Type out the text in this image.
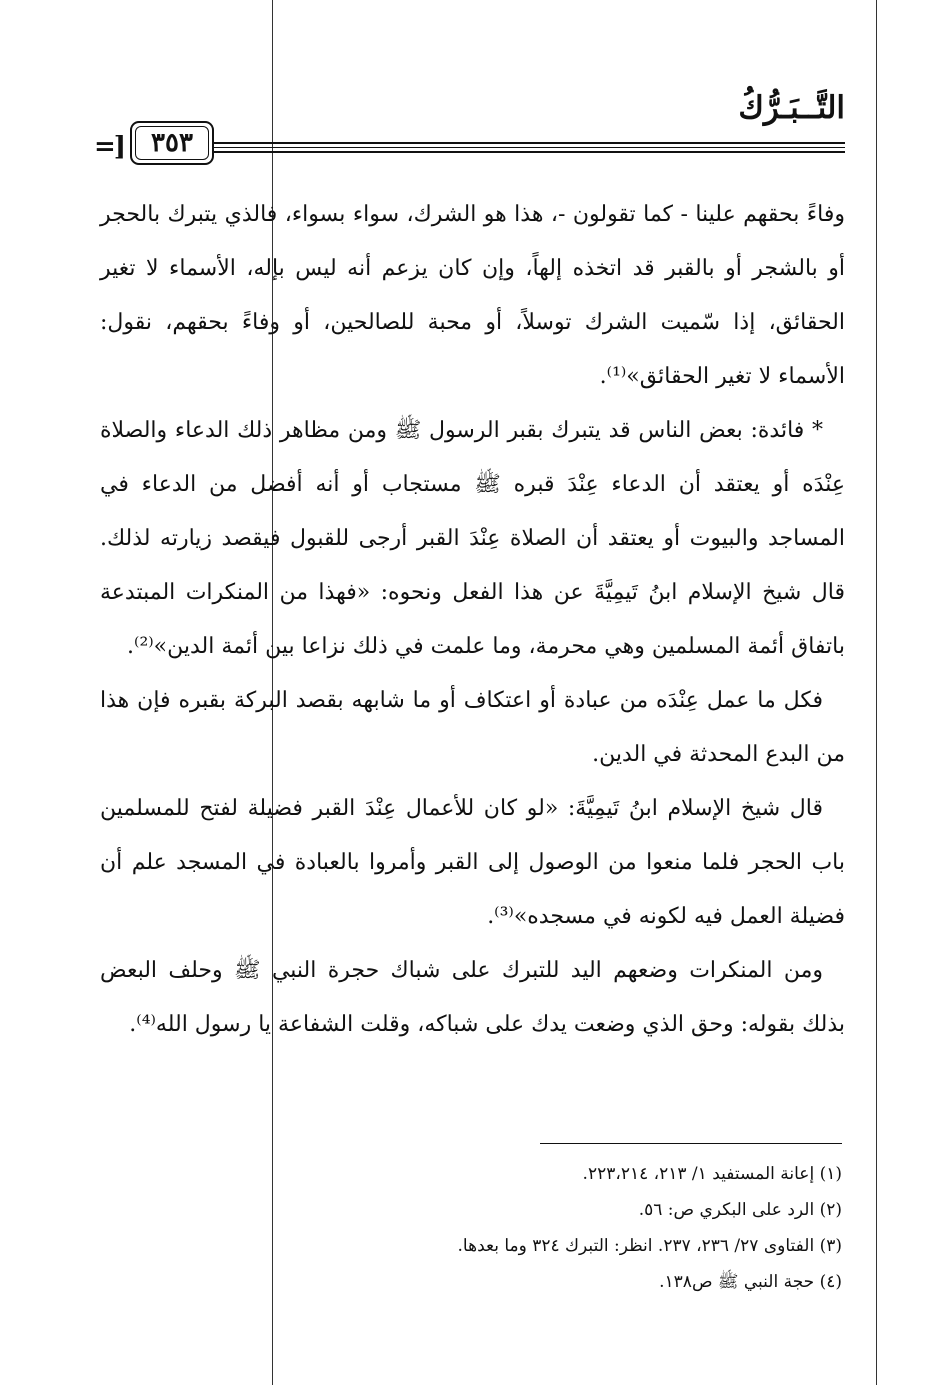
التَّــبَـرُّكُ
=]	٣٥٣

وفاءً بحقهم علينا - كما تقولون -، هذا هو الشرك، سواء بسواء، فالذي يتبرك بالحجر أو بالشجر أو بالقبر قد اتخذه إلهاً، وإن كان يزعم أنه ليس بإله، الأسماء لا تغير الحقائق، إذا سّميت الشرك توسلاً، أو محبة للصالحين، أو وفاءً بحقهم، نقول: الأسماء لا تغير الحقائق»⁽¹⁾.

* فائدة: بعض الناس قد يتبرك بقبر الرسول ﷺ ومن مظاهر ذلك الدعاء والصلاة عِنْدَه أو يعتقد أن الدعاء عِنْدَ قبره ﷺ مستجاب أو أنه أفضل من الدعاء في المساجد والبيوت أو يعتقد أن الصلاة عِنْدَ القبر أرجى للقبول فيقصد زيارته لذلك. قال شيخ الإسلام ابنُ تَيمِيَّةَ عن هذا الفعل ونحوه: «فهذا من المنكرات المبتدعة باتفاق أئمة المسلمين وهي محرمة، وما علمت في ذلك نزاعا بين أئمة الدين»⁽²⁾.

فكل ما عمل عِنْدَه من عبادة أو اعتكاف أو ما شابهه بقصد البركة بقبره فإن هذا من البدع المحدثة في الدين.

قال شيخ الإسلام ابنُ تَيمِيَّةَ: «لو كان للأعمال عِنْدَ القبر فضيلة لفتح للمسلمين باب الحجر فلما منعوا من الوصول إلى القبر وأمروا بالعبادة في المسجد علم أن فضيلة العمل فيه لكونه في مسجده»⁽³⁾.

ومن المنكرات وضعهم اليد للتبرك على شباك حجرة النبي ﷺ وحلف البعض بذلك بقوله: وحق الذي وضعت يدك على شباكه، وقلت الشفاعة يا رسول الله⁽⁴⁾.

(١) إعانة المستفيد ١/ ٢١٣، ٢٢٣،٢١٤.
(٢) الرد على البكري ص: ٥٦.
(٣) الفتاوى ٢٧/ ٢٣٦، ٢٣٧. انظر: التبرك ٣٢٤ وما بعدها.
(٤) حجة النبي ﷺ ص١٣٨.
